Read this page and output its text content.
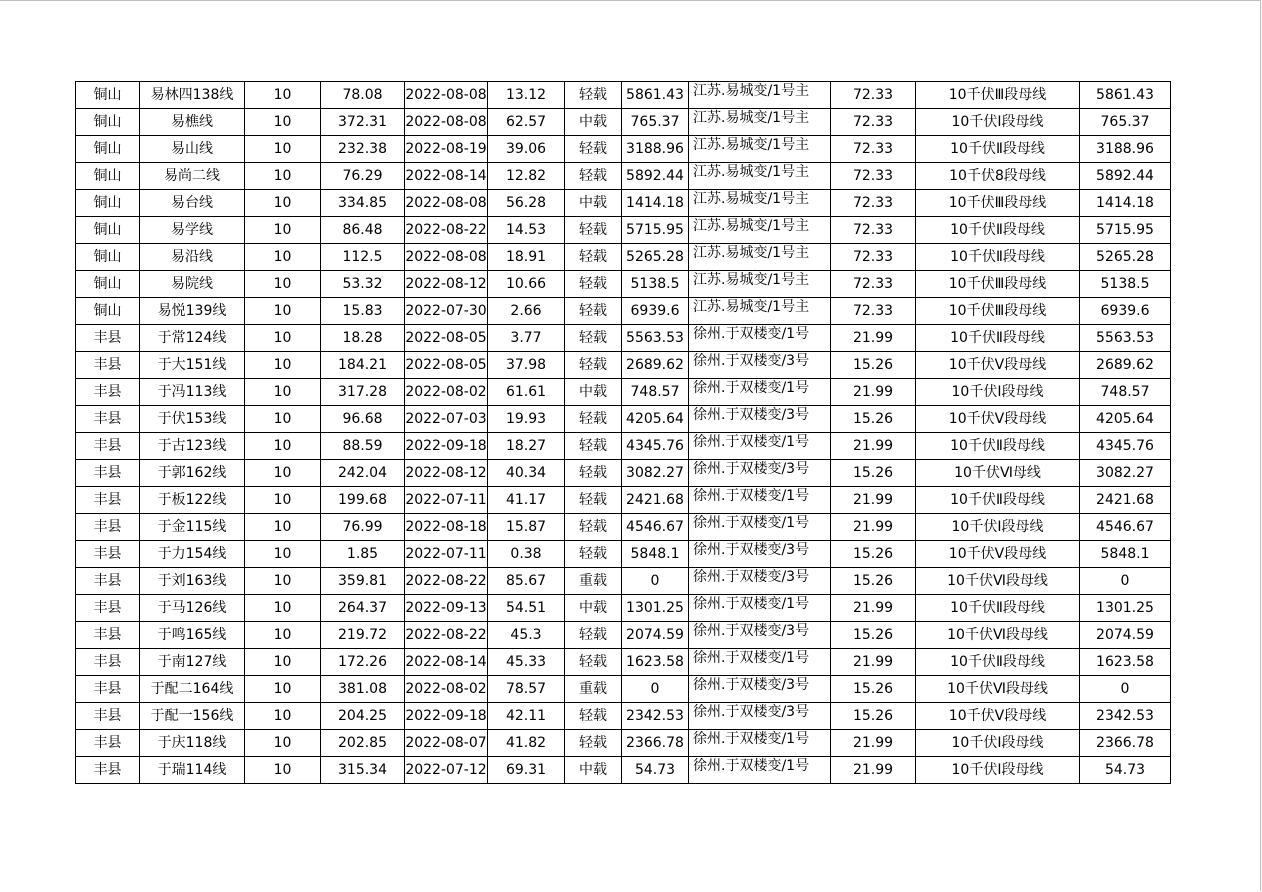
铜山	易林四138线	10	78.08	2022-08-08	13.12	轻载	5861.43	江苏.易城变/1号主	72.33	10千伏Ⅲ段母线	5861.43
铜山	易樵线	10	372.31	2022-08-08	62.57	中载	765.37	江苏.易城变/1号主	72.33	10千伏Ⅰ段母线	765.37
铜山	易山线	10	232.38	2022-08-19	39.06	轻载	3188.96	江苏.易城变/1号主	72.33	10千伏Ⅱ段母线	3188.96
铜山	易尚二线	10	76.29	2022-08-14	12.82	轻载	5892.44	江苏.易城变/1号主	72.33	10千伏8段母线	5892.44
铜山	易台线	10	334.85	2022-08-08	56.28	中载	1414.18	江苏.易城变/1号主	72.33	10千伏Ⅲ段母线	1414.18
铜山	易学线	10	86.48	2022-08-22	14.53	轻载	5715.95	江苏.易城变/1号主	72.33	10千伏Ⅱ段母线	5715.95
铜山	易沿线	10	112.5	2022-08-08	18.91	轻载	5265.28	江苏.易城变/1号主	72.33	10千伏Ⅱ段母线	5265.28
铜山	易院线	10	53.32	2022-08-12	10.66	轻载	5138.5	江苏.易城变/1号主	72.33	10千伏Ⅲ段母线	5138.5
铜山	易悦139线	10	15.83	2022-07-30	2.66	轻载	6939.6	江苏.易城变/1号主	72.33	10千伏Ⅲ段母线	6939.6
丰县	于常124线	10	18.28	2022-08-05	3.77	轻载	5563.53	徐州.于双楼变/1号	21.99	10千伏Ⅱ段母线	5563.53
丰县	于大151线	10	184.21	2022-08-05	37.98	轻载	2689.62	徐州.于双楼变/3号	15.26	10千伏Ⅴ段母线	2689.62
丰县	于冯113线	10	317.28	2022-08-02	61.61	中载	748.57	徐州.于双楼变/1号	21.99	10千伏Ⅰ段母线	748.57
丰县	于伏153线	10	96.68	2022-07-03	19.93	轻载	4205.64	徐州.于双楼变/3号	15.26	10千伏Ⅴ段母线	4205.64
丰县	于古123线	10	88.59	2022-09-18	18.27	轻载	4345.76	徐州.于双楼变/1号	21.99	10千伏Ⅱ段母线	4345.76
丰县	于郭162线	10	242.04	2022-08-12	40.34	轻载	3082.27	徐州.于双楼变/3号	15.26	10千伏Ⅵ母线	3082.27
丰县	于板122线	10	199.68	2022-07-11	41.17	轻载	2421.68	徐州.于双楼变/1号	21.99	10千伏Ⅱ段母线	2421.68
丰县	于金115线	10	76.99	2022-08-18	15.87	轻载	4546.67	徐州.于双楼变/1号	21.99	10千伏Ⅰ段母线	4546.67
丰县	于力154线	10	1.85	2022-07-11	0.38	轻载	5848.1	徐州.于双楼变/3号	15.26	10千伏Ⅴ段母线	5848.1
丰县	于刘163线	10	359.81	2022-08-22	85.67	重载	0	徐州.于双楼变/3号	15.26	10千伏Ⅵ段母线	0
丰县	于马126线	10	264.37	2022-09-13	54.51	中载	1301.25	徐州.于双楼变/1号	21.99	10千伏Ⅱ段母线	1301.25
丰县	于鸣165线	10	219.72	2022-08-22	45.3	轻载	2074.59	徐州.于双楼变/3号	15.26	10千伏Ⅵ段母线	2074.59
丰县	于南127线	10	172.26	2022-08-14	45.33	轻载	1623.58	徐州.于双楼变/1号	21.99	10千伏Ⅱ段母线	1623.58
丰县	于配二164线	10	381.08	2022-08-02	78.57	重载	0	徐州.于双楼变/3号	15.26	10千伏Ⅵ段母线	0
丰县	于配一156线	10	204.25	2022-09-18	42.11	轻载	2342.53	徐州.于双楼变/3号	15.26	10千伏Ⅴ段母线	2342.53
丰县	于庆118线	10	202.85	2022-08-07	41.82	轻载	2366.78	徐州.于双楼变/1号	21.99	10千伏Ⅰ段母线	2366.78
丰县	于瑞114线	10	315.34	2022-07-12	69.31	中载	54.73	徐州.于双楼变/1号	21.99	10千伏Ⅰ段母线	54.73
